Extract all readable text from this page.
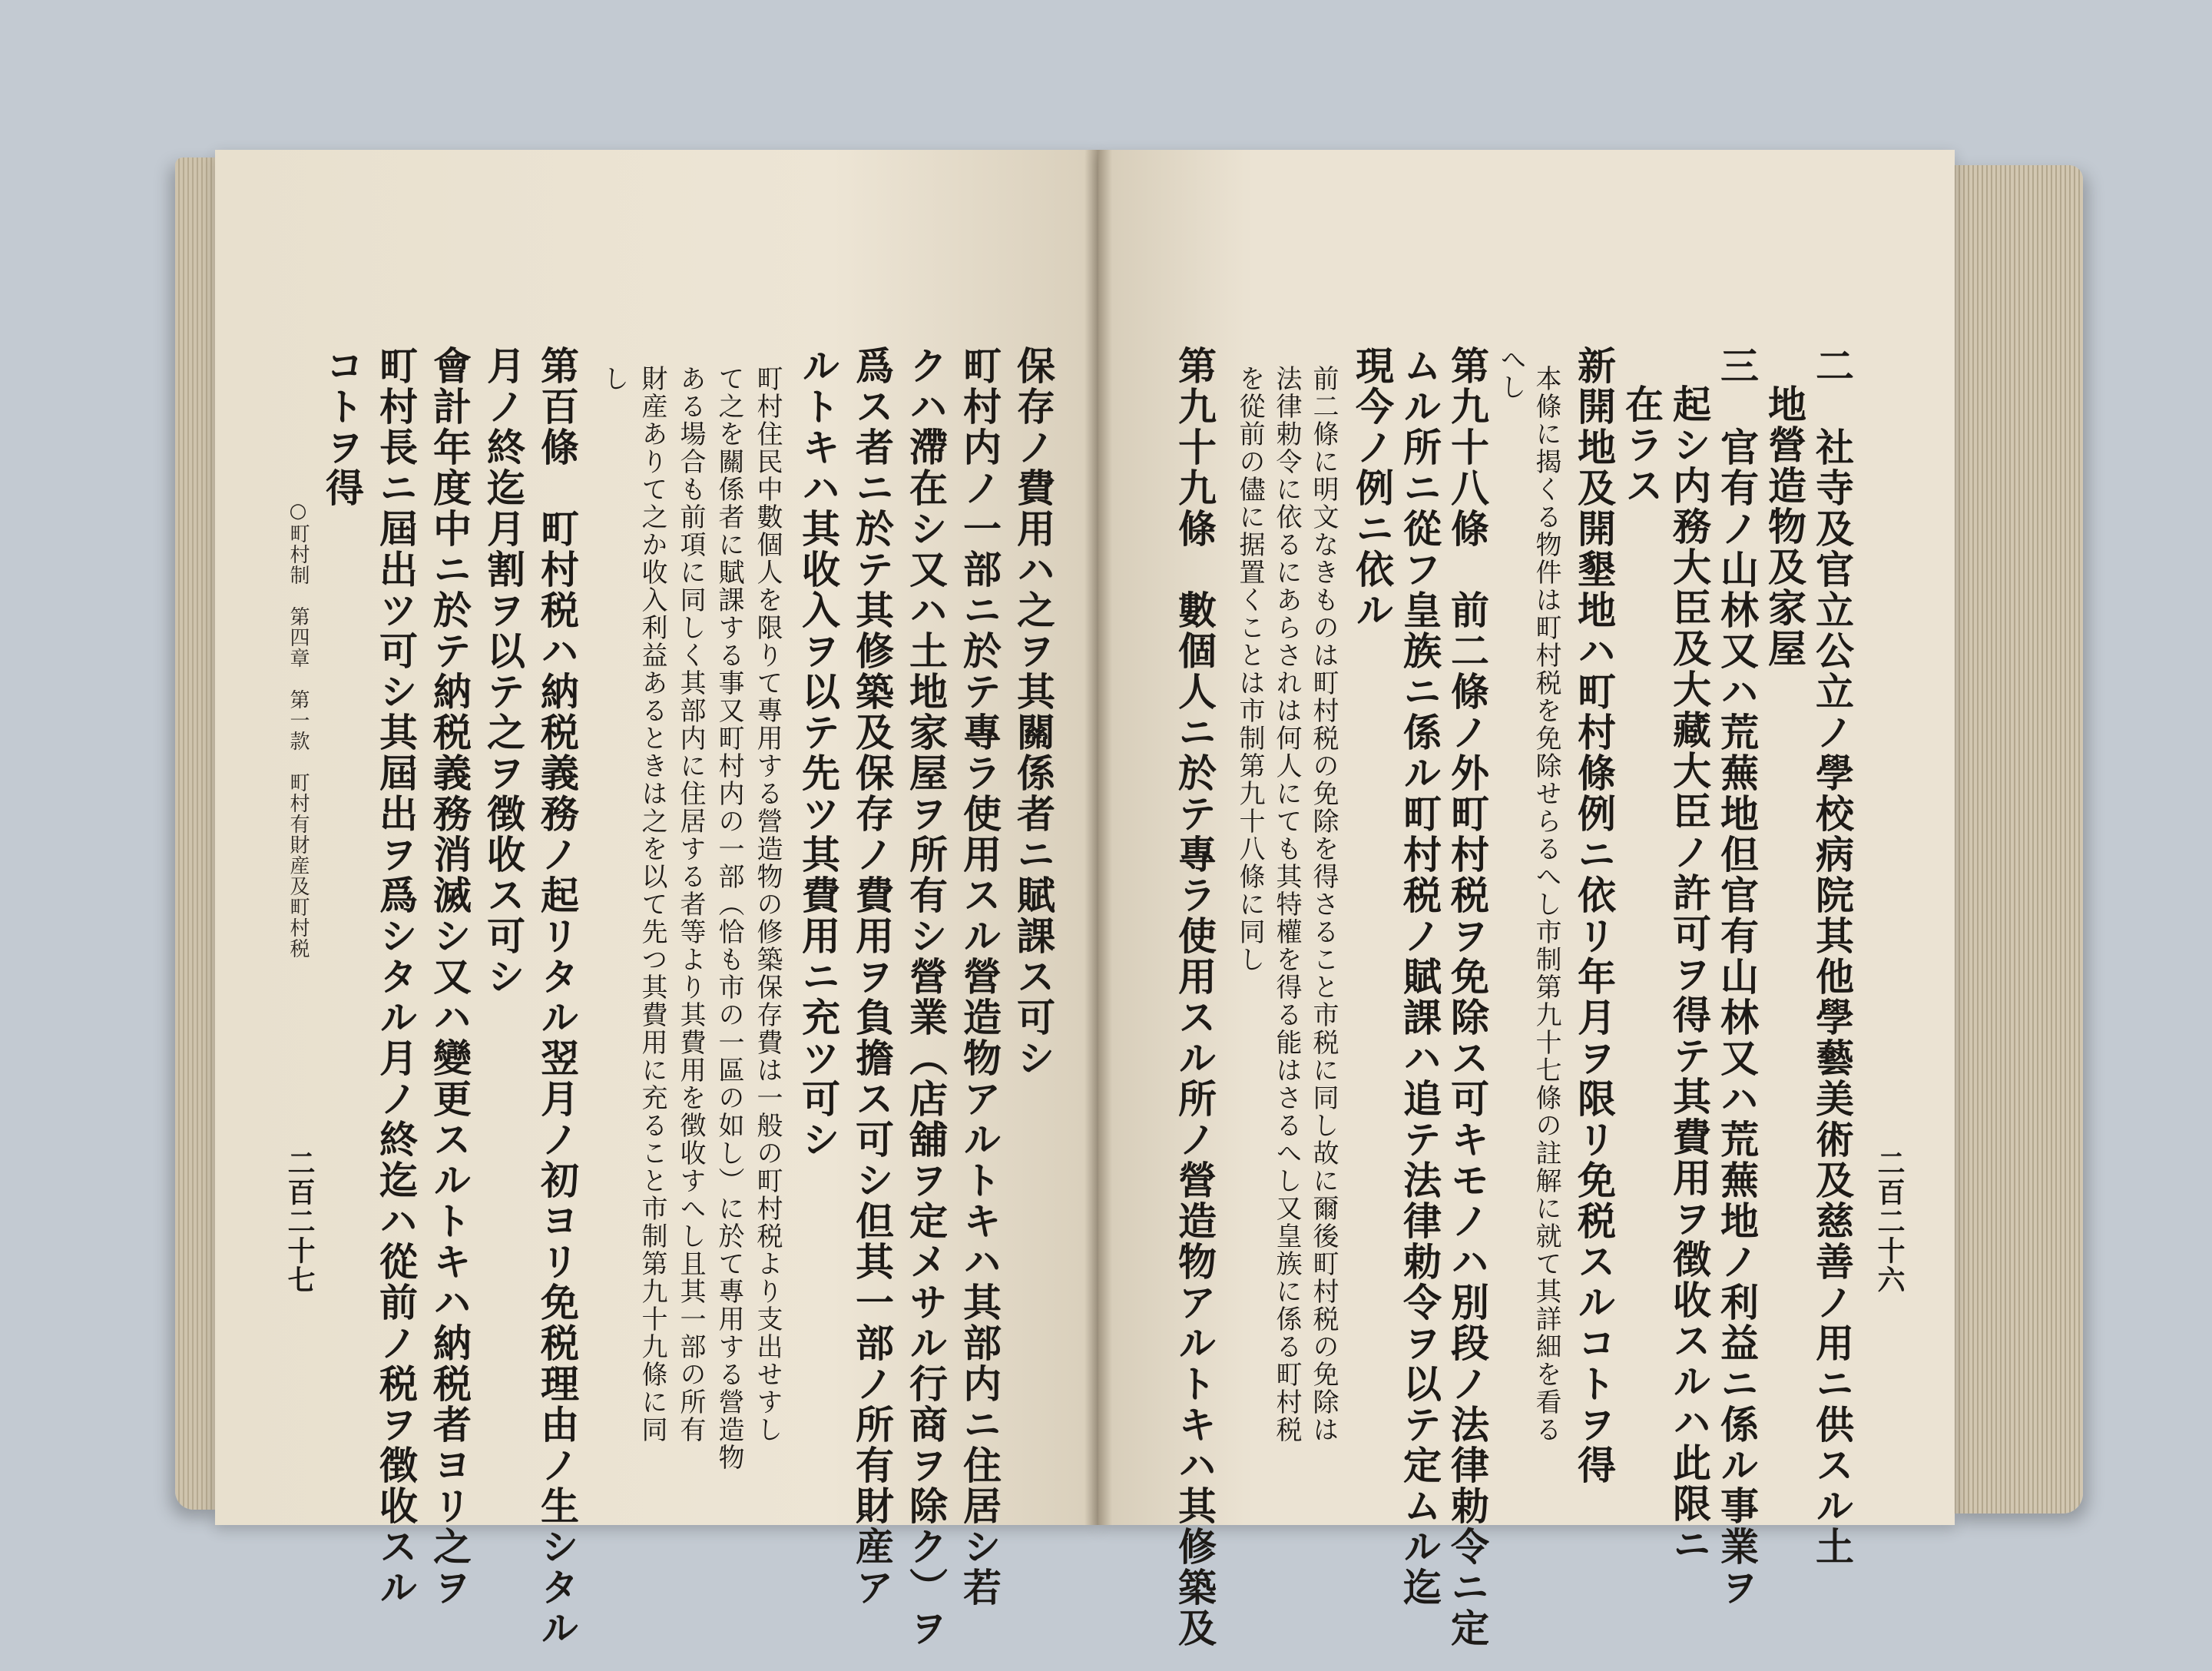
保存ノ費用ハ之ヲ其關係者ニ賦課ス可シ
町村内ノ一部ニ於テ專ラ使用スル營造物アルトキハ其部内ニ住居シ若
クハ滯在シ又ハ土地家屋ヲ所有シ營業（店舖ヲ定メサル行商ヲ除ク）ヲ
爲ス者ニ於テ其修築及保存ノ費用ヲ負擔ス可シ但其一部ノ所有財産ア
ルトキハ其收入ヲ以テ先ツ其費用ニ充ツ可シ
町村住民中數個人を限りて專用する營造物の修築保存費は一般の町村税より支出せすし
て之を關係者に賦課する事又町村内の一部（恰も市の一區の如し）に於て專用する營造物
ある場合も前項に同しく其部内に住居する者等より其費用を徴收すへし且其一部の所有
財産ありて之か收入利益あるときは之を以て先つ其費用に充ること市制第九十九條に同
し
第百條　町村税ハ納税義務ノ起リタル翌月ノ初ヨリ免税理由ノ生シタル
月ノ終迄月割ヲ以テ之ヲ徴收ス可シ
會計年度中ニ於テ納税義務消滅シ又ハ變更スルトキハ納税者ヨリ之ヲ
町村長ニ屆出ツ可シ其屆出ヲ爲シタル月ノ終迄ハ從前ノ税ヲ徴收スル
コトヲ得
○町村制　第四章　第一款　町村有財産及町村税
二百二十七	二百二十六
二　社寺及官立公立ノ學校病院其他學藝美術及慈善ノ用ニ供スル土
地營造物及家屋
三　官有ノ山林又ハ荒蕪地但官有山林又ハ荒蕪地ノ利益ニ係ル事業ヲ
起シ内務大臣及大藏大臣ノ許可ヲ得テ其費用ヲ徴收スルハ此限ニ
在ラス
新開地及開墾地ハ町村條例ニ依リ年月ヲ限リ免税スルコトヲ得
本條に揭くる物件は町村税を免除せらるへし市制第九十七條の註解に就て其詳細を看る
へし
第九十八條　前二條ノ外町村税ヲ免除ス可キモノハ別段ノ法律勅令ニ定
ムル所ニ從フ皇族ニ係ル町村税ノ賦課ハ追テ法律勅令ヲ以テ定ムル迄
現今ノ例ニ依ル
前二條に明文なきものは町村税の免除を得さること市税に同し故に爾後町村税の免除は
法律勅令に依るにあらされは何人にても其特權を得る能はさるへし又皇族に係る町村税
を從前の儘に据置くことは市制第九十八條に同し
第九十九條　數個人ニ於テ專ラ使用スル所ノ營造物アルトキハ其修築及
